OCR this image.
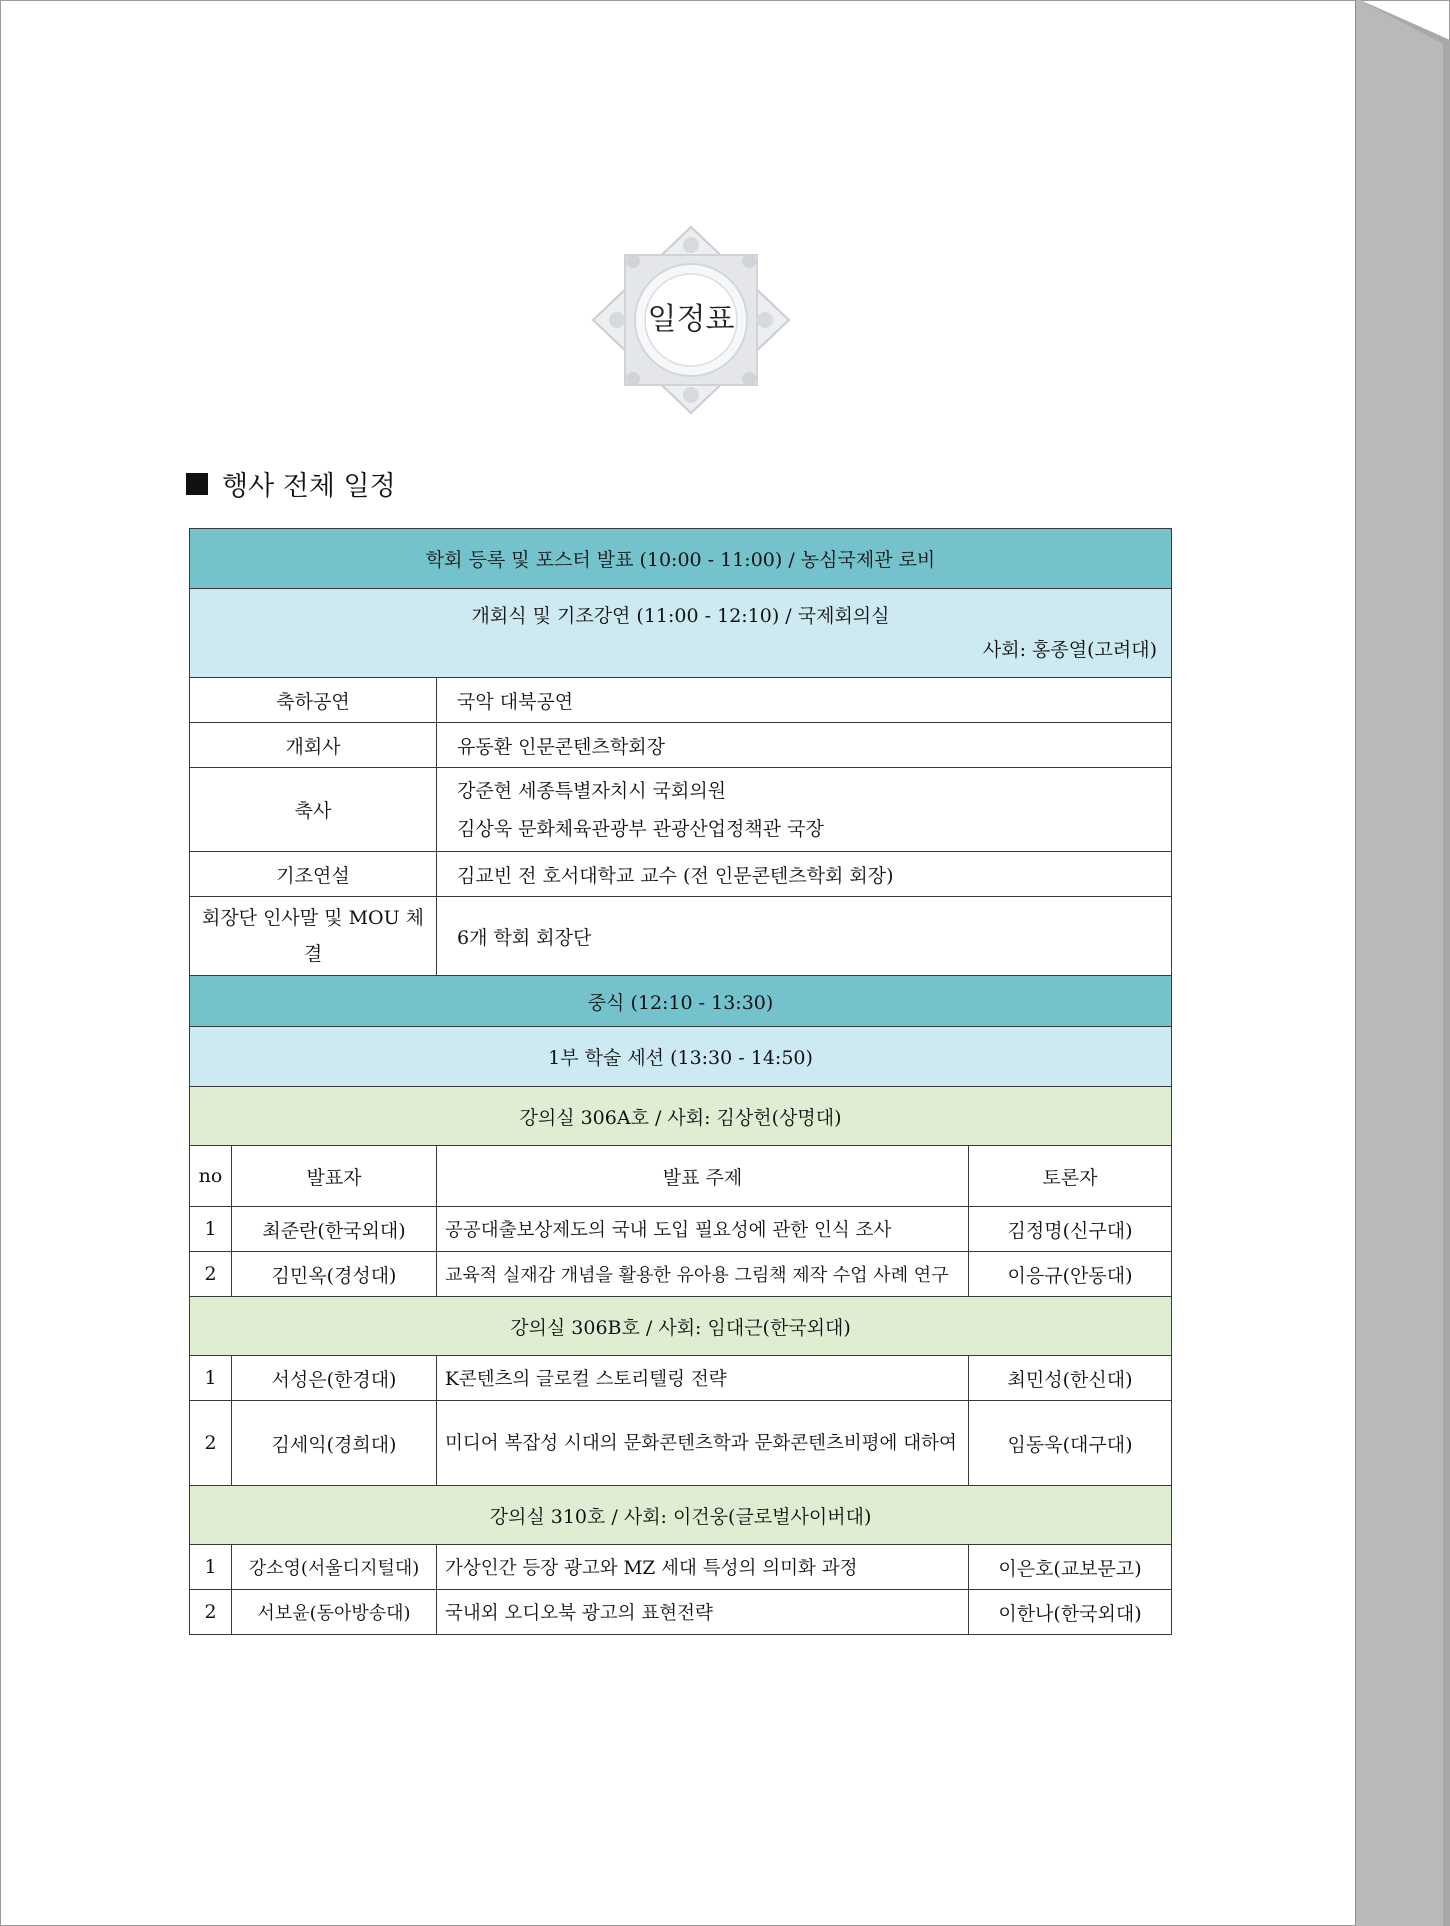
일정표
행사 전체 일정
학회 등록 및 포스터 발표 (10:00 - 11:00) / 농심국제관 로비			

개회식 및 기조강연 (11:00 - 12:10) / 국제회의실
사회: 홍종열(고려대)			

축하공연		국악 대북공연	
개회사		유동환 인문콘텐츠학회장	
축사		강준현 세종특별자치시 국회의원
김상욱 문화체육관광부 관광산업정책관 국장	

기조연설		김교빈 전 호서대학교 교수 (전 인문콘텐츠학회 회장)	
회장단 인사말 및 MOU 체결		6개 학회 회장단	
중식 (12:10 - 13:30)			
1부 학술 세션 (13:30 - 14:50)			
강의실 306A호 / 사회: 김상헌(상명대)			
no	발표자	발표 주제	토론자
1	최준란(한국외대)	공공대출보상제도의 국내 도입 필요성에 관한 인식 조사	김정명(신구대)
2	김민옥(경성대)	교육적 실재감 개념을 활용한 유아용 그림책 제작 수업 사례 연구	이응규(안동대)
강의실 306B호 / 사회: 임대근(한국외대)			
1	서성은(한경대)	K콘텐츠의 글로컬 스토리텔링 전략	최민성(한신대)
2	김세익(경희대)	미디어 복잡성 시대의 문화콘텐츠학과 문화콘텐츠비평에 대하여	임동욱(대구대)
강의실 310호 / 사회: 이건웅(글로벌사이버대)			
1	강소영(서울디지털대)	가상인간 등장 광고와 MZ 세대 특성의 의미화 과정	이은호(교보문고)
2	서보윤(동아방송대)	국내외 오디오북 광고의 표현전략	이한나(한국외대)
